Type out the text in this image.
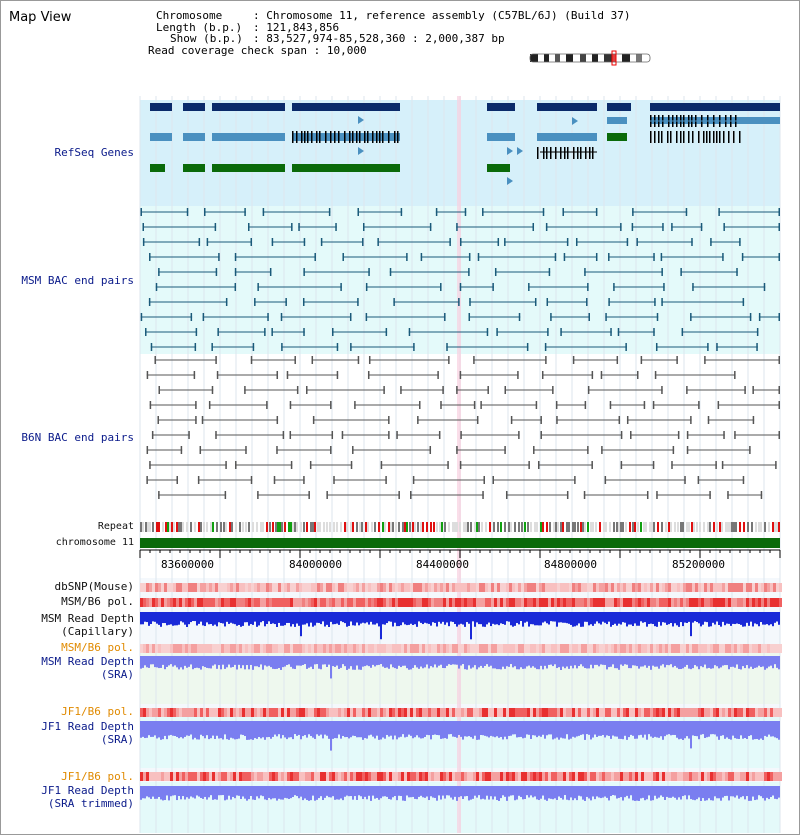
Map View	Chromosome	: Chromosome 11, reference assembly (C57BL/6J) (Build 37)
Length (b.p.) : 121,843,856
Show (b.p.) : 83,527,974-85,528,360 : 2,000,387 bp
Read coverage check span : 10,000
RefSeq Genes
MSM BAC end pairs
B6N BAC end pairs
Repeat
chromosome 11
dbSNP(Mouse)
MSM/B6 pol.
MSM Read Depth
(Capillary)
MSM/B6 pol.
MSM Read Depth
(SRA)
JF1/B6 pol.
JF1 Read Depth
(SRA)
JF1/B6 pol.
JF1 Read Depth
(SRA trimmed)
83600000	84000000	84400000	84800000	85200000
